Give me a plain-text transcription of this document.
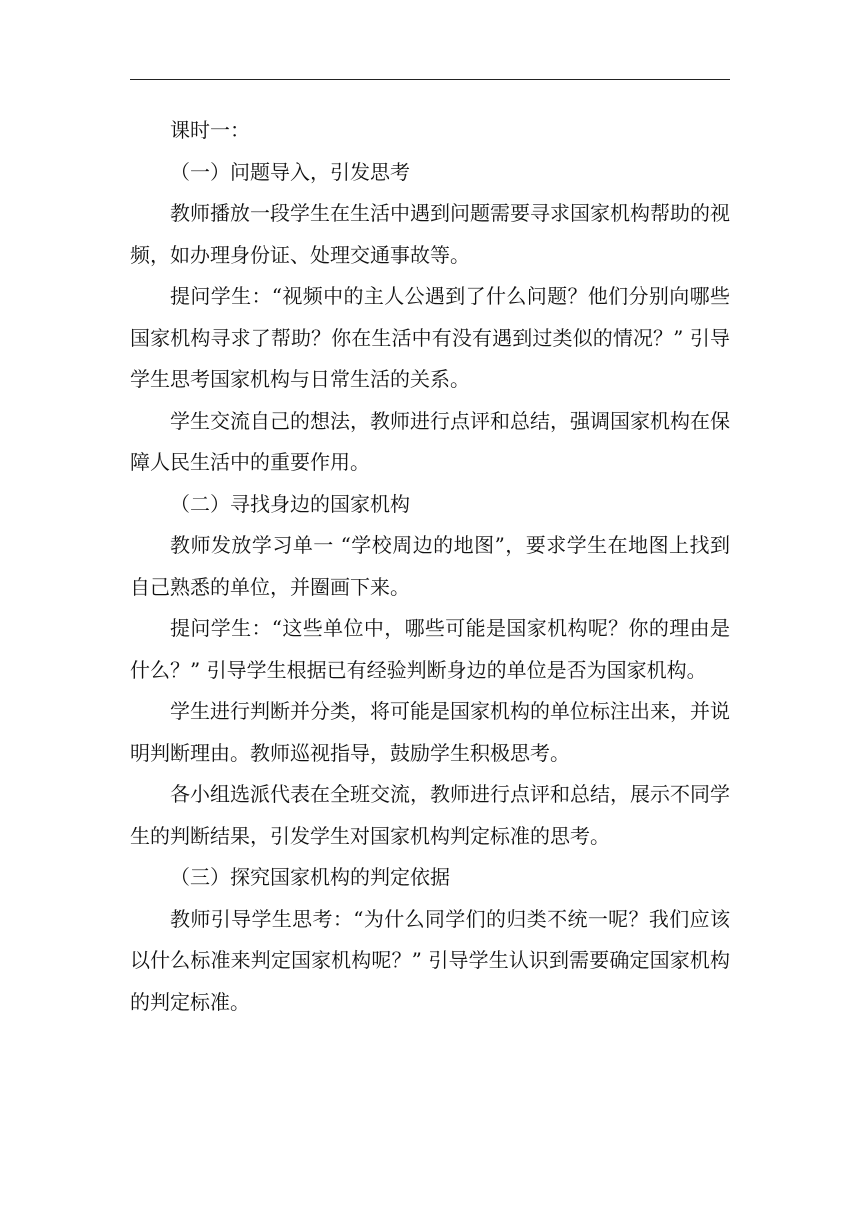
课时一：

（一）问题导入，引发思考

教师播放一段学生在生活中遇到问题需要寻求国家机构帮助的视频，如办理身份证、处理交通事故等。

提问学生：“视频中的主人公遇到了什么问题？他们分别向哪些国家机构寻求了帮助？你在生活中有没有遇到过类似的情况？” 引导学生思考国家机构与日常生活的关系。

学生交流自己的想法，教师进行点评和总结，强调国家机构在保障人民生活中的重要作用。

（二）寻找身边的国家机构

教师发放学习单一 “学校周边的地图”，要求学生在地图上找到自己熟悉的单位，并圈画下来。

提问学生：“这些单位中，哪些可能是国家机构呢？你的理由是什么？” 引导学生根据已有经验判断身边的单位是否为国家机构。

学生进行判断并分类，将可能是国家机构的单位标注出来，并说明判断理由。教师巡视指导，鼓励学生积极思考。

各小组选派代表在全班交流，教师进行点评和总结，展示不同学生的判断结果，引发学生对国家机构判定标准的思考。

（三）探究国家机构的判定依据

教师引导学生思考：“为什么同学们的归类不统一呢？我们应该以什么标准来判定国家机构呢？” 引导学生认识到需要确定国家机构的判定标准。
